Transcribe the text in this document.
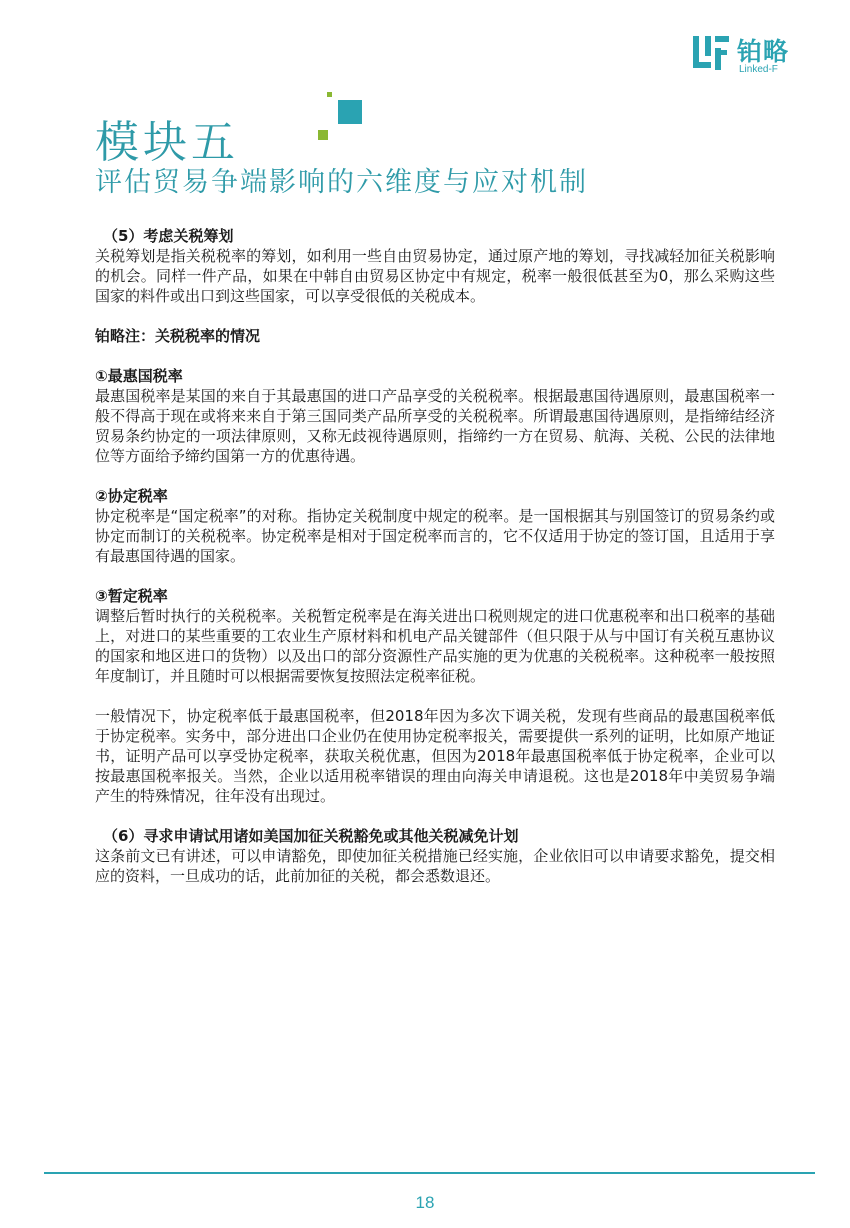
铂略
Linked-F
模块五
评估贸易争端影响的六维度与应对机制

（5）考虑关税筹划

关税筹划是指关税税率的筹划，如利用一些自由贸易协定，通过原产地的筹划，寻找减轻加征关税影响的机会。同样一件产品，如果在中韩自由贸易区协定中有规定，税率一般很低甚至为0，那么采购这些国家的料件或出口到这些国家，可以享受很低的关税成本。

铂略注：关税税率的情况

①最惠国税率

最惠国税率是某国的来自于其最惠国的进口产品享受的关税税率。根据最惠国待遇原则，最惠国税率一般不得高于现在或将来来自于第三国同类产品所享受的关税税率。所谓最惠国待遇原则，是指缔结经济贸易条约协定的一项法律原则，又称无歧视待遇原则，指缔约一方在贸易、航海、关税、公民的法律地位等方面给予缔约国第一方的优惠待遇。

②协定税率

协定税率是“国定税率”的对称。指协定关税制度中规定的税率。是一国根据其与别国签订的贸易条约或协定而制订的关税税率。协定税率是相对于国定税率而言的，它不仅适用于协定的签订国，且适用于享有最惠国待遇的国家。

③暂定税率

调整后暂时执行的关税税率。关税暂定税率是在海关进出口税则规定的进口优惠税率和出口税率的基础上，对进口的某些重要的工农业生产原材料和机电产品关键部件（但只限于从与中国订有关税互惠协议的国家和地区进口的货物）以及出口的部分资源性产品实施的更为优惠的关税税率。这种税率一般按照年度制订，并且随时可以根据需要恢复按照法定税率征税。

一般情况下，协定税率低于最惠国税率，但2018年因为多次下调关税，发现有些商品的最惠国税率低于协定税率。实务中，部分进出口企业仍在使用协定税率报关，需要提供一系列的证明，比如原产地证书，证明产品可以享受协定税率，获取关税优惠，但因为2018年最惠国税率低于协定税率，企业可以按最惠国税率报关。当然，企业以适用税率错误的理由向海关申请退税。这也是2018年中美贸易争端产生的特殊情况，往年没有出现过。

（6）寻求申请试用诸如美国加征关税豁免或其他关税减免计划

这条前文已有讲述，可以申请豁免，即使加征关税措施已经实施，企业依旧可以申请要求豁免，提交相应的资料，一旦成功的话，此前加征的关税，都会悉数退还。

18
